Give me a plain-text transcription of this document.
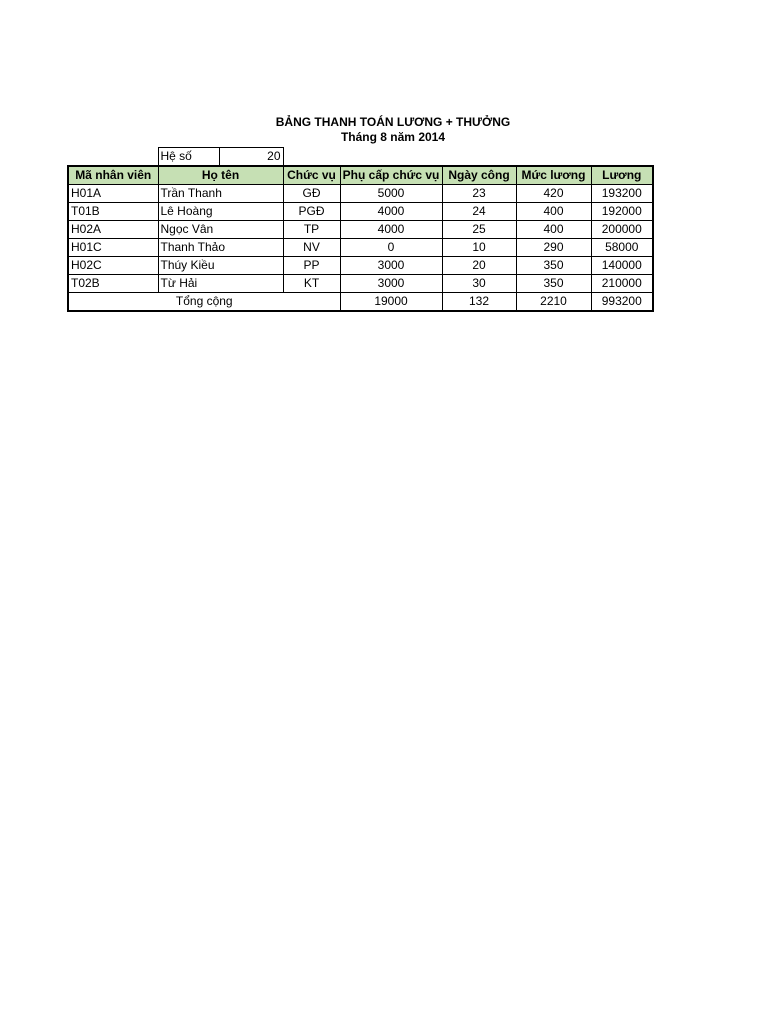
BẢNG THANH TOÁN LƯƠNG + THƯỞNG
Tháng 8 năm 2014
	Hệ số	20					
Mã nhân viên	Họ tên		Chức vụ	Phụ cấp chức vụ	Ngày công	Mức lương	Lương
H01A	Trần Thanh		GĐ	5000	23	420	193200
T01B	Lê Hoàng		PGĐ	4000	24	400	192000
H02A	Ngọc Vân		TP	4000	25	400	200000
H01C	Thanh Thảo		NV	0	10	290	58000
H02C	Thúy Kiều		PP	3000	20	350	140000
T02B	Từ Hải		KT	3000	30	350	210000
Tổng cộng				19000	132	2210	993200
